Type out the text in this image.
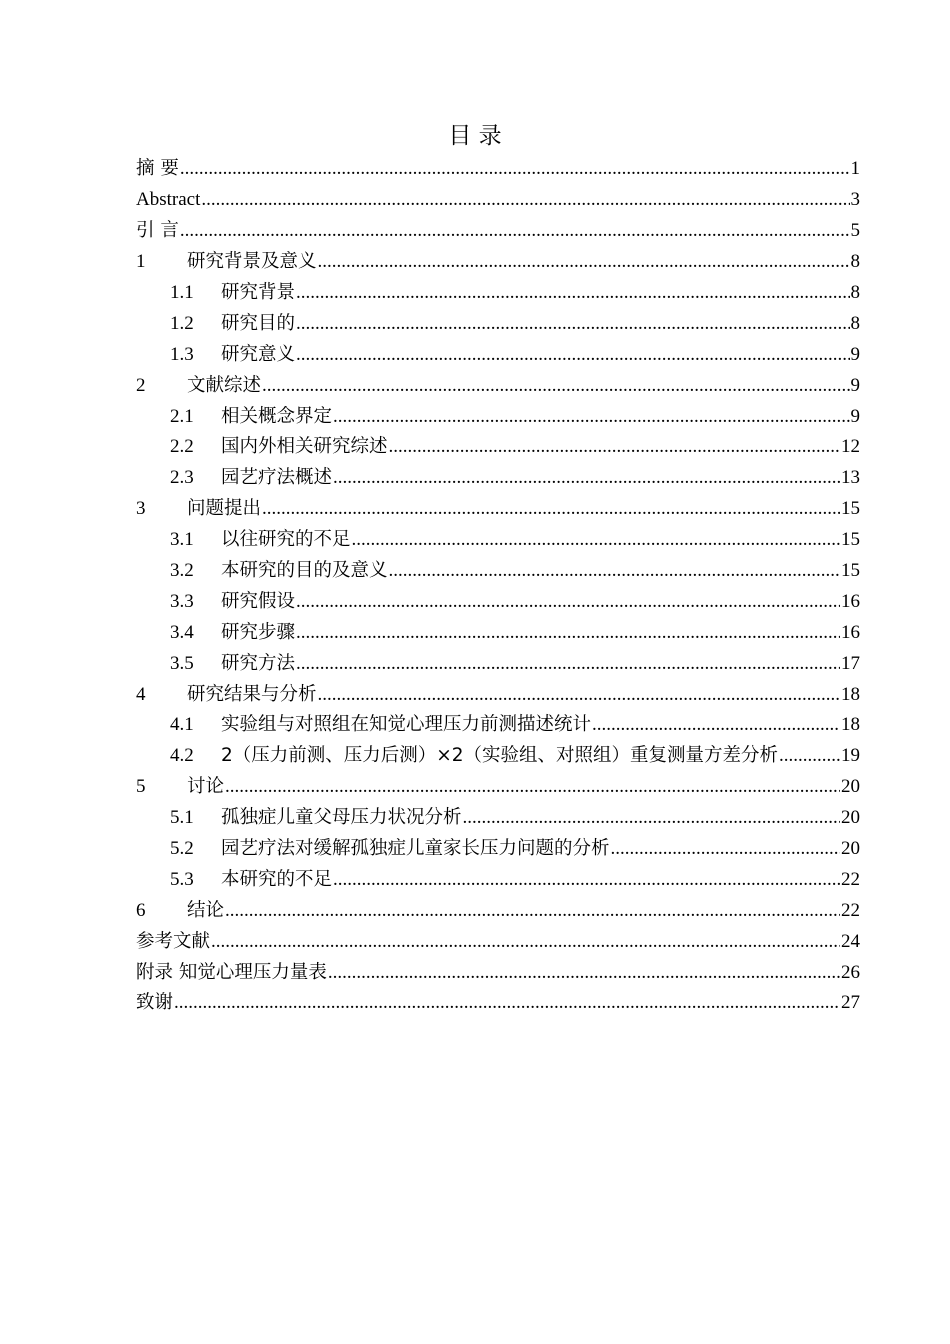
目 录
摘 要 .....	1
Abstract .....	3
引 言 .....	5
1	研究背景及意义 .....	8
1.1	研究背景 .....	8
1.2	研究目的 .....	8
1.3	研究意义 .....	9
2	文献综述 .....	9
2.1	相关概念界定 .....	9
2.2	国内外相关研究综述 .....	12
2.3	园艺疗法概述 .....	13
3	问题提出 .....	15
3.1	以往研究的不足 .....	15
3.2	本研究的目的及意义 .....	15
3.3	研究假设 .....	16
3.4	研究步骤 .....	16
3.5	研究方法 .....	17
4	研究结果与分析 .....	18
4.1	实验组与对照组在知觉心理压力前测描述统计 .....	18
4.2	2（压力前测、压力后测）×2（实验组、对照组）重复测量方差分析 .....	19
5	讨论 .....	20
5.1	孤独症儿童父母压力状况分析 .....	20
5.2	园艺疗法对缓解孤独症儿童家长压力问题的分析 .....	20
5.3	本研究的不足 .....	22
6	结论 .....	22
参考文献 .....	24
附录 知觉心理压力量表 .....	26
致谢 .....	27
